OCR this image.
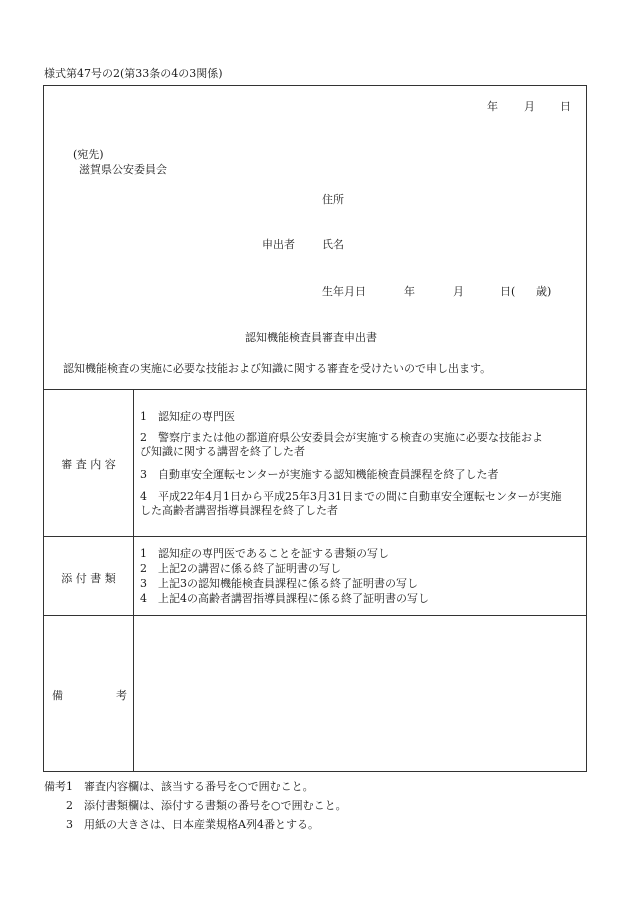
様式第47号の2(第33条の4の3関係)
年 月 日
(宛先)
滋賀県公安委員会
住所
申出者 氏名
生年月日	年	月	日( 歳)
認知機能検査員審査申出書
認知機能検査の実施に必要な技能および知識に関する審査を受けたいので申し出ます。
審 査 内 容
1　認知症の専門医
2　警察庁または他の都道府県公安委員会が実施する検査の実施に必要な技能およ
び知識に関する講習を終了した者
3　自動車安全運転センターが実施する認知機能検査員課程を終了した者
4　平成22年4月1日から平成25年3月31日までの間に自動車安全運転センターが実施
した高齢者講習指導員課程を終了した者
添 付 書 類
1　認知症の専門医であることを証する書類の写し
2　上記2の講習に係る終了証明書の写し
3　上記3の認知機能検査員課程に係る終了証明書の写し
4　上記4の高齢者講習指導員課程に係る終了証明書の写し
備	考
備考1　審査内容欄は、該当する番号を○で囲むこと。
2　添付書類欄は、添付する書類の番号を○で囲むこと。
3　用紙の大きさは、日本産業規格A列4番とする。
